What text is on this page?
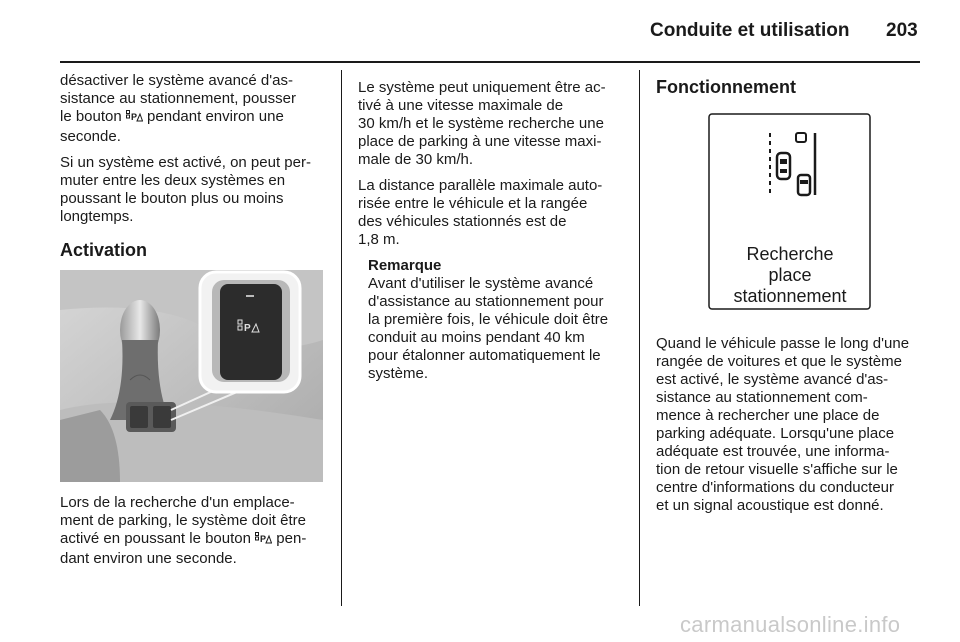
Conduite et utilisation 203

désactiver le système avancé d'as-
sistance au stationnement, pousser
le bouton P pendant environ une
seconde.

Si un système est activé, on peut per-
muter entre les deux systèmes en
poussant le bouton plus ou moins
longtemps.

Activation
P

Lors de la recherche d'un emplace-
ment de parking, le système doit être
activé en poussant le bouton P pen-
dant environ une seconde.

Le système peut uniquement être ac-
tivé à une vitesse maximale de
30 km/h et le système recherche une
place de parking à une vitesse maxi-
male de 30 km/h.

La distance parallèle maximale auto-
risée entre le véhicule et la rangée
des véhicules stationnés est de
1,8 m.

Remarque

Avant d'utiliser le système avancé
d'assistance au stationnement pour
la première fois, le véhicule doit être
conduit au moins pendant 40 km
pour étalonner automatiquement le
système.

Fonctionnement
Recherche
place
stationnement

Quand le véhicule passe le long d'une
rangée de voitures et que le système
est activé, le système avancé d'as-
sistance au stationnement com-
mence à rechercher une place de
parking adéquate. Lorsqu'une place
adéquate est trouvée, une informa-
tion de retour visuelle s'affiche sur le
centre d'informations du conducteur
et un signal acoustique est donné.

carmanualsonline.info
